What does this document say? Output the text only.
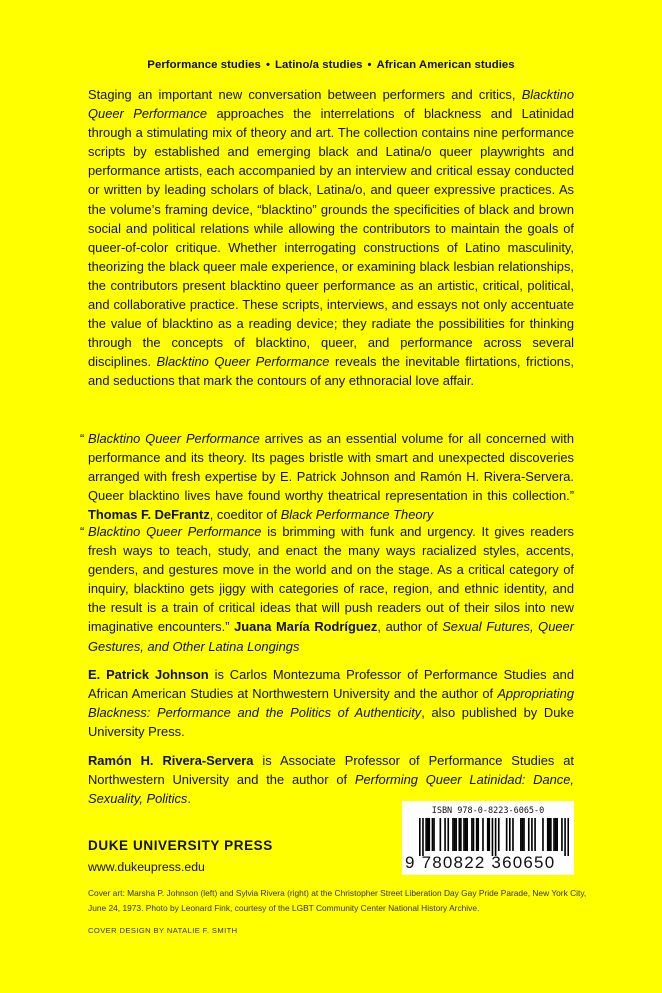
Performance studies • Latino/a studies • African American studies

Staging an important new conversation between performers and critics, Blacktino Queer Performance approaches the interrelations of blackness and Latinidad through a stimulating mix of theory and art. The collection contains nine performance scripts by established and emerging black and Latina/o queer playwrights and performance artists, each accompanied by an interview and critical essay conducted or written by leading scholars of black, Latina/o, and queer expressive practices. As the volume’s framing device, “blacktino” grounds the specificities of black and brown social and political relations while allowing the contributors to maintain the goals of queer-of-color critique. Whether interrogating constructions of Latino masculinity, theorizing the black queer male experience, or examining black lesbian relationships, the contributors present blacktino queer performance as an artistic, critical, political, and collaborative practice. These scripts, interviews, and essays not only accentuate the value of blacktino as a reading device; they radiate the possibilities for thinking through the concepts of blacktino, queer, and performance across several disciplines. Blacktino Queer Performance reveals the inevitable flirtations, frictions, and seductions that mark the contours of any ethnoracial love affair.

“ Blacktino Queer Performance arrives as an essential volume for all concerned with performance and its theory. Its pages bristle with smart and unexpected discoveries arranged with fresh expertise by E. Patrick Johnson and Ramón H. Rivera-Servera. Queer blacktino lives have found worthy theatrical representation in this collection.” Thomas F. DeFrantz, coeditor of Black Performance Theory

“ Blacktino Queer Performance is brimming with funk and urgency. It gives readers fresh ways to teach, study, and enact the many ways racialized styles, accents, genders, and gestures move in the world and on the stage. As a critical category of inquiry, blacktino gets jiggy with categories of race, region, and ethnic identity, and the result is a train of critical ideas that will push readers out of their silos into new imaginative encounters.” Juana María Rodríguez, author of Sexual Futures, Queer Gestures, and Other Latina Longings

E. Patrick Johnson is Carlos Montezuma Professor of Performance Studies and African American Studies at Northwestern University and the author of Appropriating Blackness: Performance and the Politics of Authenticity, also published by Duke University Press.

Ramón H. Rivera-Servera is Associate Professor of Performance Studies at Northwestern University and the author of Performing Queer Latinidad: Dance, Sexuality, Politics.

DUKE UNIVERSITY PRESS
www.dukeupress.edu
ISBN 978-0-8223-6065-0
9 780822 360650
Cover art: Marsha P. Johnson (left) and Sylvia Rivera (right) at the Christopher Street Liberation Day Gay Pride Parade, New York City, June 24, 1973. Photo by Leonard Fink, courtesy of the LGBT Community Center National History Archive.
COVER DESIGN BY NATALIE F. SMITH
